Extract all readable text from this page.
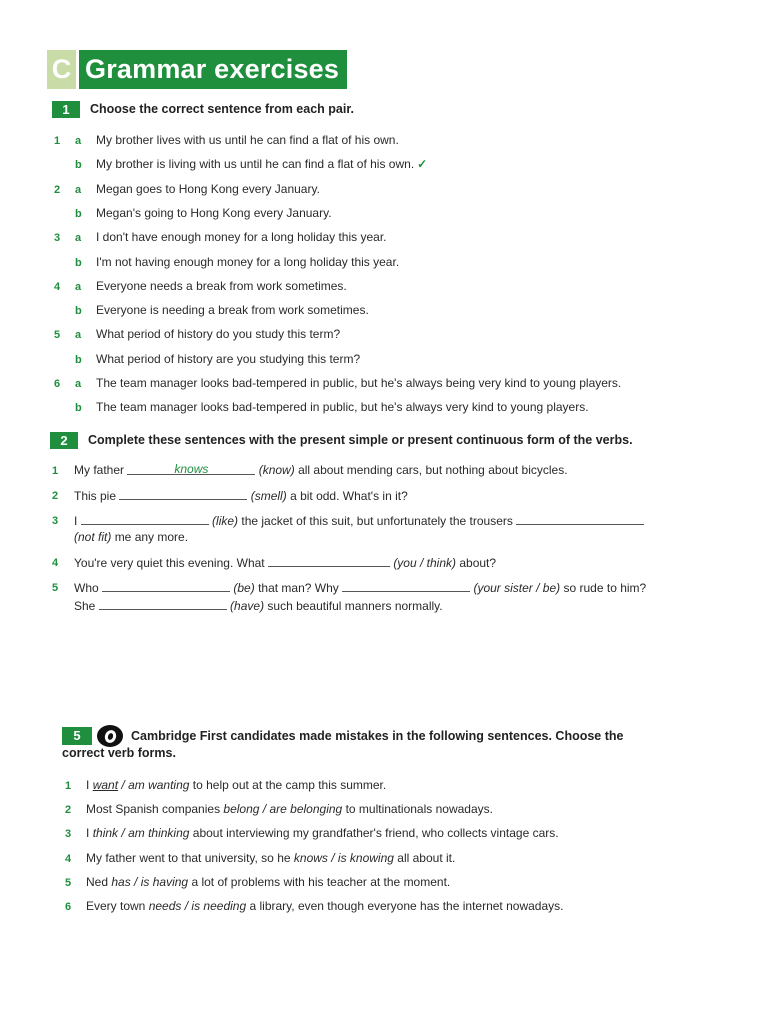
C Grammar exercises
1	Choose the correct sentence from each pair.
1 a My brother lives with us until he can find a flat of his own.
b My brother is living with us until he can find a flat of his own. ✓
2 a Megan goes to Hong Kong every January.
b Megan's going to Hong Kong every January.
3 a I don't have enough money for a long holiday this year.
b I'm not having enough money for a long holiday this year.
4 a Everyone needs a break from work sometimes.
b Everyone is needing a break from work sometimes.
5 a What period of history do you study this term?
b What period of history are you studying this term?
6 a The team manager looks bad-tempered in public, but he's always being very kind to young players.
b The team manager looks bad-tempered in public, but he's always very kind to young players.
2	Complete these sentences with the present simple or present continuous form of the verbs.
1 My father	knows	(know) all about mending cars, but nothing about bicycles.
2 This pie	(smell) a bit odd. What's in it?
3 I	(like) the jacket of this suit, but unfortunately the trousers
(not fit) me any more.
4 You're very quiet this evening. What	(you / think) about?
5 Who	(be) that man? Why	(your sister / be) so rude to him?
She	(have) such beautiful manners normally.
5	Cambridge First candidates made mistakes in the following sentences. Choose the
correct verb forms.
1 I want / am wanting to help out at the camp this summer.
2 Most Spanish companies belong / are belonging to multinationals nowadays.
3 I think / am thinking about interviewing my grandfather's friend, who collects vintage cars.
4 My father went to that university, so he knows / is knowing all about it.
5 Ned has / is having a lot of problems with his teacher at the moment.
6 Every town needs / is needing a library, even though everyone has the internet nowadays.
